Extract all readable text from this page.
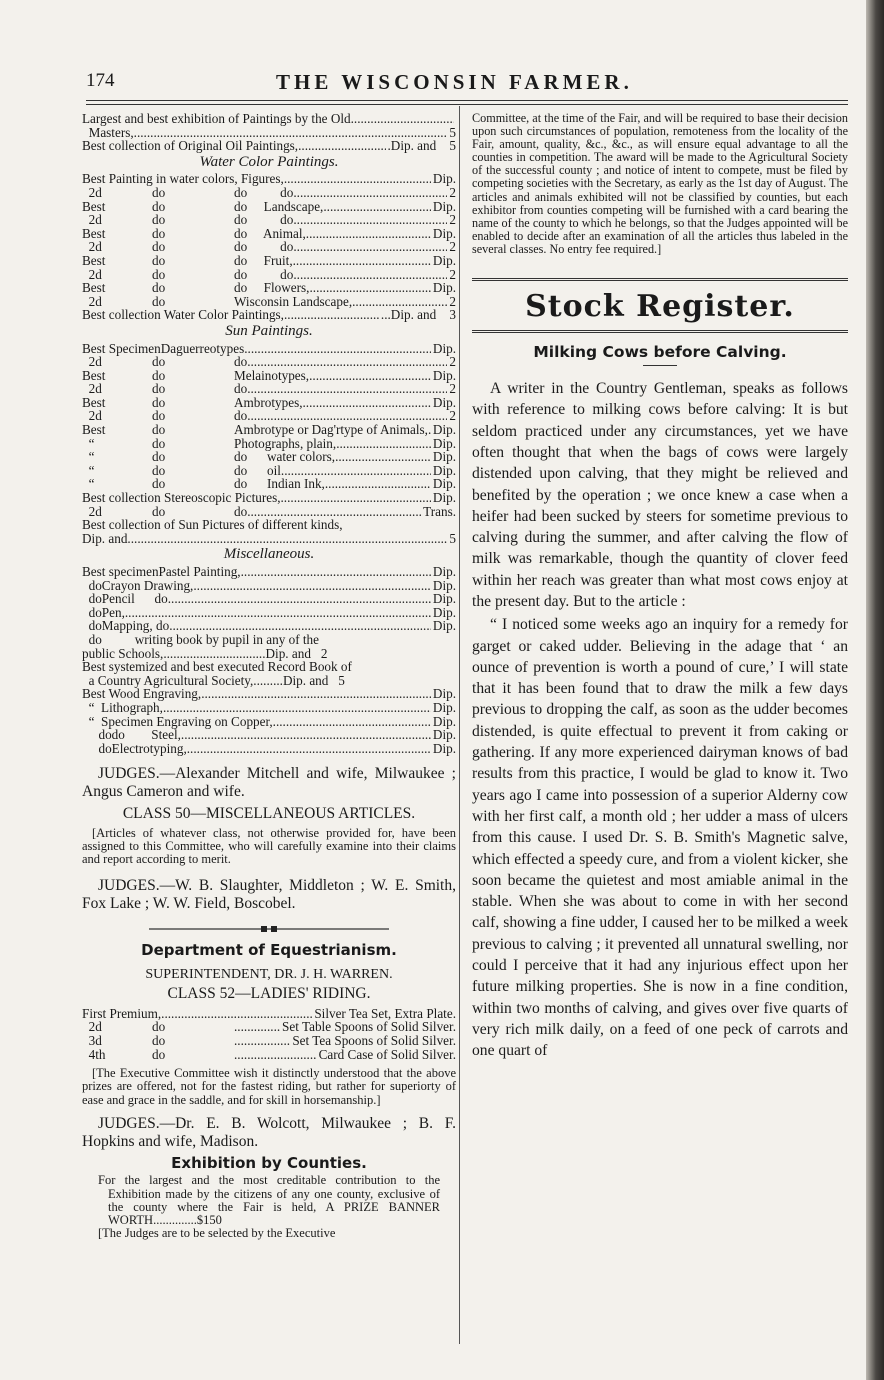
174	THE WISCONSIN FARMER.
Largest and best exhibition of Paintings by the Old
.....
Masters, .....	5
Best collection of Original Oil Paintings, .....	.Dip. and    5
Water Color Paintings.
Best Painting in water colors, Figures, .....	Dip.
2d	do	do          do .....	2
Best	do	do     Landscape, .....	Dip.
2d	do	do          do .....	2
Best	do	do     Animal, .....	Dip.
2d	do	do          do .....	2
Best	do	do     Fruit, .....	Dip.
2d	do	do          do .....	2
Best	do	do     Flowers, .....	Dip.
2d	do	Wisconsin Landscape, .....	2
Best collection Water Color Paintings, .....	...Dip. and    3
Sun Paintings.
Best Specimen Daguerreotypes .....	Dip.
2d	do	do .....	2
Best	do	Melainotypes, .....	Dip.
2d	do	do .....	2
Best	do	Ambrotypes, .....	Dip.
2d	do	do .....	2
Best	do	Ambrotype or Dag'rtype of Animals, ..... Dip.
“	do	Photographs, plain, .....	Dip.
“	do	do      water colors, .....	Dip.
“	do	do      oil .....	Dip.
“	do	do      Indian Ink, .....	Dip.
Best collection Stereoscopic Pictures, .....	Dip.
2d	do	do .....	Trans.
Best collection of Sun Pictures of different kinds,
Dip. and .....	5
Miscellaneous.
Best specimen Pastel Painting, .....	Dip.
do Crayon Drawing, .....	Dip.
do Pencil      do .....	Dip.
do Pen, .....	Dip.
do Mapping, do .....	Dip.
do          writing book by pupil in any of the
public Schools,...............................Dip. and   2
Best systemized and best executed Record Book of
a Country Agricultural Society,.........Dip. and   5
Best Wood Engraving, .....	Dip.
“  Lithograph, .....	Dip.
“  Specimen Engraving on Copper, .....	Dip.
do do        Steel, .....	Dip.
do Electrotyping, .....	Dip.
JUDGES.—Alexander Mitchell and wife, Milwaukee ; Angus Cameron and wife.
CLASS 50—MISCELLANEOUS ARTICLES.
[Articles of whatever class, not otherwise provided for, have been assigned to this Committee, who will carefully examine into their claims and report according to merit.
JUDGES.—W. B. Slaughter, Middleton ; W. E. Smith, Fox Lake ; W. W. Field, Boscobel.
Department of Equestrianism.
SUPERINTENDENT, DR. J. H. WARREN.
CLASS 52—LADIES' RIDING.
First Premium, .....	Silver Tea Set, Extra Plate.
2d	do .....	Set Table Spoons of Solid Silver.
3d	do .....	Set Tea Spoons of Solid Silver.
4th	do .....	Card Case of Solid Silver.
[The Executive Committee wish it distinctly understood that the above prizes are offered, not for the fastest riding, but rather for superiorty of ease and grace in the saddle, and for skill in horsemanship.]
JUDGES.—Dr. E. B. Wolcott, Milwaukee ; B. F. Hopkins and wife, Madison.
Exhibition by Counties.
For the largest and the most creditable contribution to the Exhibition made by the citizens of any one county, exclusive of the county where the Fair is held, A PRIZE BANNER WORTH..............$150
[The Judges are to be selected by the Executive
Committee, at the time of the Fair, and will be required to base their decision upon such circumstances of population, remoteness from the locality of the Fair, amount, quality, &c., &c., as will ensure equal advantage to all the counties in competition. The award will be made to the Agricultural Society of the successful county ; and notice of intent to compete, must be filed by competing societies with the Secretary, as early as the 1st day of August. The articles and animals exhibited will not be classified by counties, but each exhibitor from counties competing will be furnished with a card bearing the name of the county to which he belongs, so that the Judges appointed will be enabled to decide after an examination of all the articles thus labeled in the several classes. No entry fee required.]
Stock Register.
Milking Cows before Calving.

A writer in the Country Gentleman, speaks as follows with reference to milking cows before calving: It is but seldom practiced under any circumstances, yet we have often thought that when the bags of cows were largely distended upon calving, that they might be relieved and benefited by the operation ; we once knew a case when a heifer had been sucked by steers for sometime previous to calving during the summer, and after calving the flow of milk was remarkable, though the quantity of clover feed within her reach was greater than what most cows enjoy at the present day. But to the article :

“ I noticed some weeks ago an inquiry for a remedy for garget or caked udder. Believing in the adage that ‘ an ounce of prevention is worth a pound of cure,’ I will state that it has been found that to draw the milk a few days previous to dropping the calf, as soon as the udder becomes distended, is quite effectual to prevent it from caking or gathering. If any more experienced dairyman knows of bad results from this practice, I would be glad to know it. Two years ago I came into possession of a superior Alderny cow with her first calf, a month old ; her udder a mass of ulcers from this cause. I used Dr. S. B. Smith's Magnetic salve, which effected a speedy cure, and from a violent kicker, she soon became the quietest and most amiable animal in the stable. When she was about to come in with her second calf, showing a fine udder, I caused her to be milked a week previous to calving ; it prevented all unnatural swelling, nor could I perceive that it had any injurious effect upon her future milking properties. She is now in a fine condition, within two months of calving, and gives over five quarts of very rich milk daily, on a feed of one peck of carrots and one quart of
